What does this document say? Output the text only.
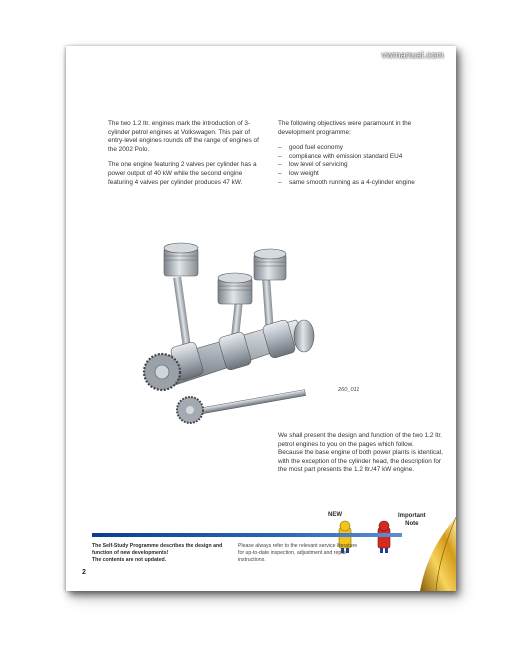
vwmanual.com

The two 1.2 ltr. engines mark the introduction of 3-cylinder petrol engines at Volkswagen. This pair of entry-level engines rounds off the range of engines of the 2002 Polo.

The one engine featuring 2 valves per cylinder has a power output of 40 kW while the second engine featuring 4 valves per cylinder produces 47 kW.

The following objectives were paramount in the development programme:

– good fuel economy
– compliance with emission standard EU4
– low level of servicing
– low weight
– same smooth running as a 4-cylinder engine
260_011

We shall present the design and function of the two 1.2 ltr. petrol engines to you on the pages which follow.

Because the base engine of both power plants is identical, with the exception of the cylinder head, the description for the most part presents the 1.2 ltr./47 kW engine.

NEW	Important
Note
The Self-Study Programme describes the design and function of new developments!
The contents are not updated.
Please always refer to the relevant service literature for up-to-date inspection, adjustment and repair instructions.
2
